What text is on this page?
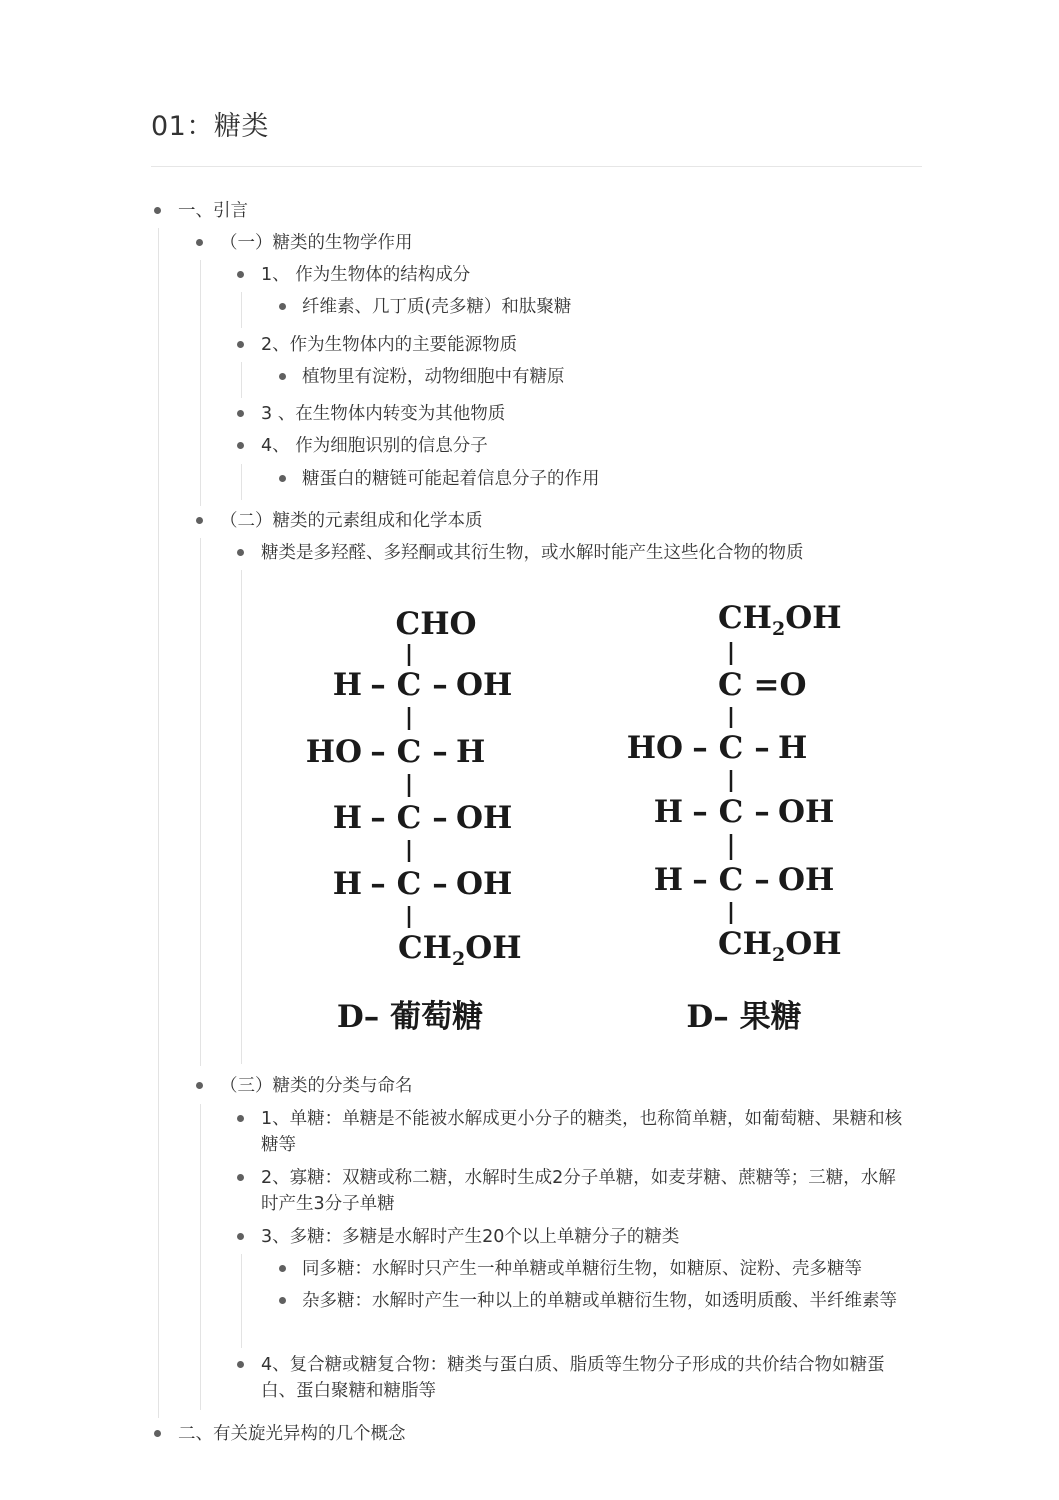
01：糖类
一、引言
（一）糖类的生物学作用
1、 作为生物体的结构成分
纤维素、几丁质(壳多糖）和肽聚糖
2、作为生物体内的主要能源物质
植物里有淀粉，动物细胞中有糖原
3 、在生物体内转变为其他物质
4、 作为细胞识别的信息分子
糖蛋白的糖链可能起着信息分子的作用
（二）糖类的元素组成和化学本质
糖类是多羟醛、多羟酮或其衍生物，或水解时能产生这些化合物的物质
CHO
H – C – OH
HO – C – H
H – C – OH
H – C – OH
$CH_2OH$
D– 葡萄糖
$CH_2OH$
C =O
HO – C – H
H – C – OH
H – C – OH
$CH_2OH$
D– 果糖
（三）糖类的分类与命名
1、单糖：单糖是不能被水解成更小分子的糖类，也称简单糖，如葡萄糖、果糖和核糖等
2、寡糖：双糖或称二糖，水解时生成2分子单糖，如麦芽糖、蔗糖等；三糖，水解时产生3分子单糖
3、多糖：多糖是水解时产生20个以上单糖分子的糖类
同多糖：水解时只产生一种单糖或单糖衍生物，如糖原、淀粉、壳多糖等
杂多糖：水解时产生一种以上的单糖或单糖衍生物，如透明质酸、半纤维素等
4、复合糖或糖复合物：糖类与蛋白质、脂质等生物分子形成的共价结合物如糖蛋白、蛋白聚糖和糖脂等
二、有关旋光异构的几个概念
